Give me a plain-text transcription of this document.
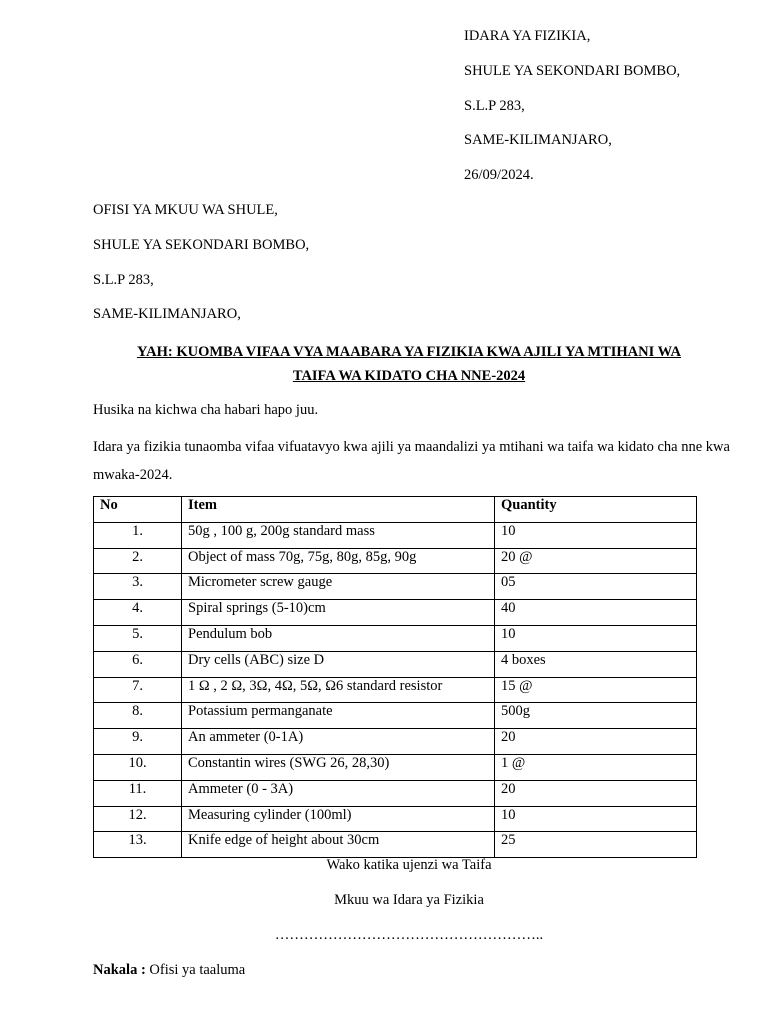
IDARA YA FIZIKIA,
SHULE YA SEKONDARI BOMBO,
S.L.P 283,
SAME-KILIMANJARO,
26/09/2024.
OFISI YA MKUU WA SHULE,
SHULE YA SEKONDARI BOMBO,
S.L.P 283,
SAME-KILIMANJARO,
YAH: KUOMBA VIFAA VYA MAABARA YA FIZIKIA KWA AJILI YA MTIHANI WA
TAIFA WA KIDATO CHA NNE-2024
Husika na kichwa cha habari hapo juu.
Idara ya fizikia tunaomba vifaa vifuatavyo kwa ajili ya maandalizi ya mtihani wa taifa wa kidato cha nne kwa mwaka-2024.
No	Item	Quantity
1.	50g , 100 g, 200g standard mass	10
2.	Object of mass 70g, 75g, 80g, 85g, 90g	20 @
3.	Micrometer screw gauge	05
4.	Spiral springs (5-10)cm	40
5.	Pendulum bob	10
6.	Dry cells (ABC) size D	4 boxes
7.	1 Ω , 2 Ω, 3Ω, 4Ω, 5Ω, Ω6 standard resistor	15 @
8.	Potassium permanganate	500g
9.	An ammeter (0-1A)	20
10.	Constantin wires (SWG 26, 28,30)	1 @
11.	Ammeter (0 - 3A)	20
12.	Measuring cylinder (100ml)	10
13.	Knife edge of height about 30cm	25
Wako katika ujenzi wa Taifa
Mkuu wa Idara ya Fizikia
………………………………………………..
Nakala : Ofisi ya taaluma
